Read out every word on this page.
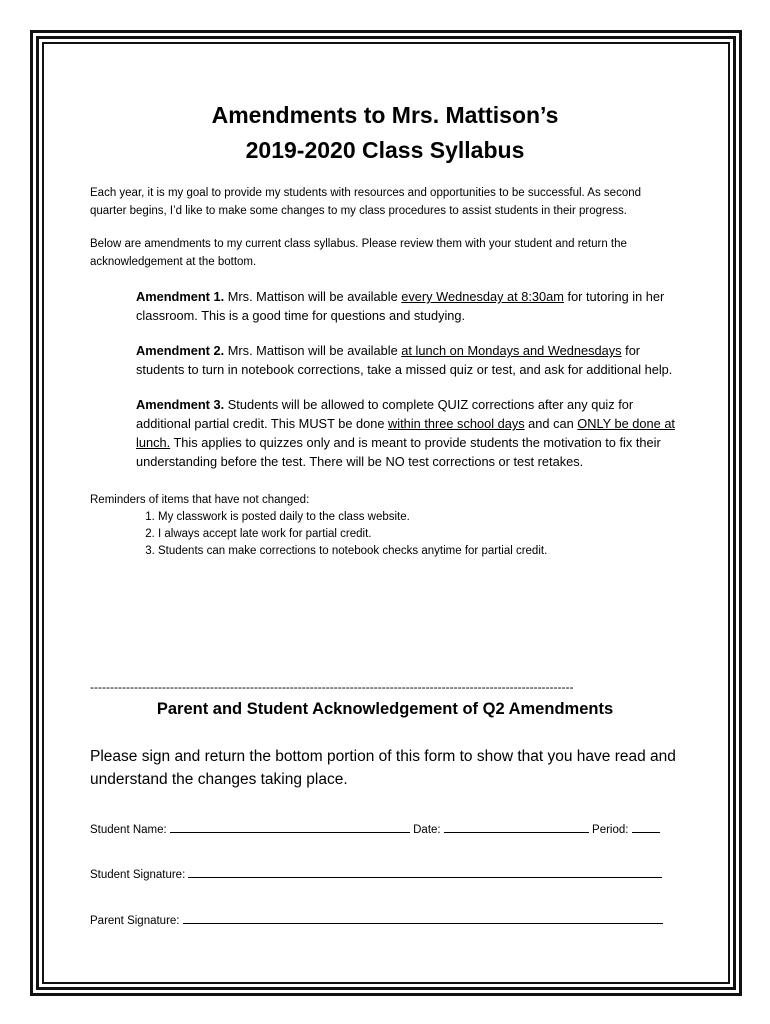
Amendments to Mrs. Mattison’s
2019-2020 Class Syllabus

Each year, it is my goal to provide my students with resources and opportunities to be successful. As second quarter begins, I’d like to make some changes to my class procedures to assist students in their progress.

Below are amendments to my current class syllabus. Please review them with your student and return the acknowledgement at the bottom.

Amendment 1. Mrs. Mattison will be available every Wednesday at 8:30am for tutoring in her classroom. This is a good time for questions and studying.

Amendment 2. Mrs. Mattison will be available at lunch on Mondays and Wednesdays for students to turn in notebook corrections, take a missed quiz or test, and ask for additional help.

Amendment 3. Students will be allowed to complete QUIZ corrections after any quiz for additional partial credit. This MUST be done within three school days and can ONLY be done at lunch. This applies to quizzes only and is meant to provide students the motivation to fix their understanding before the test. There will be NO test corrections or test retakes.

Reminders of items that have not changed:

1. My classwork is posted daily to the class website.
2. I always accept late work for partial credit.
3. Students can make corrections to notebook checks anytime for partial credit.
-------------------------------------------------------------------------------------------------------------------------
Parent and Student Acknowledgement of Q2 Amendments

Please sign and return the bottom portion of this form to show that you have read and understand the changes taking place.

Student Name:	Date:	Period:
Student Signature:
Parent Signature:
